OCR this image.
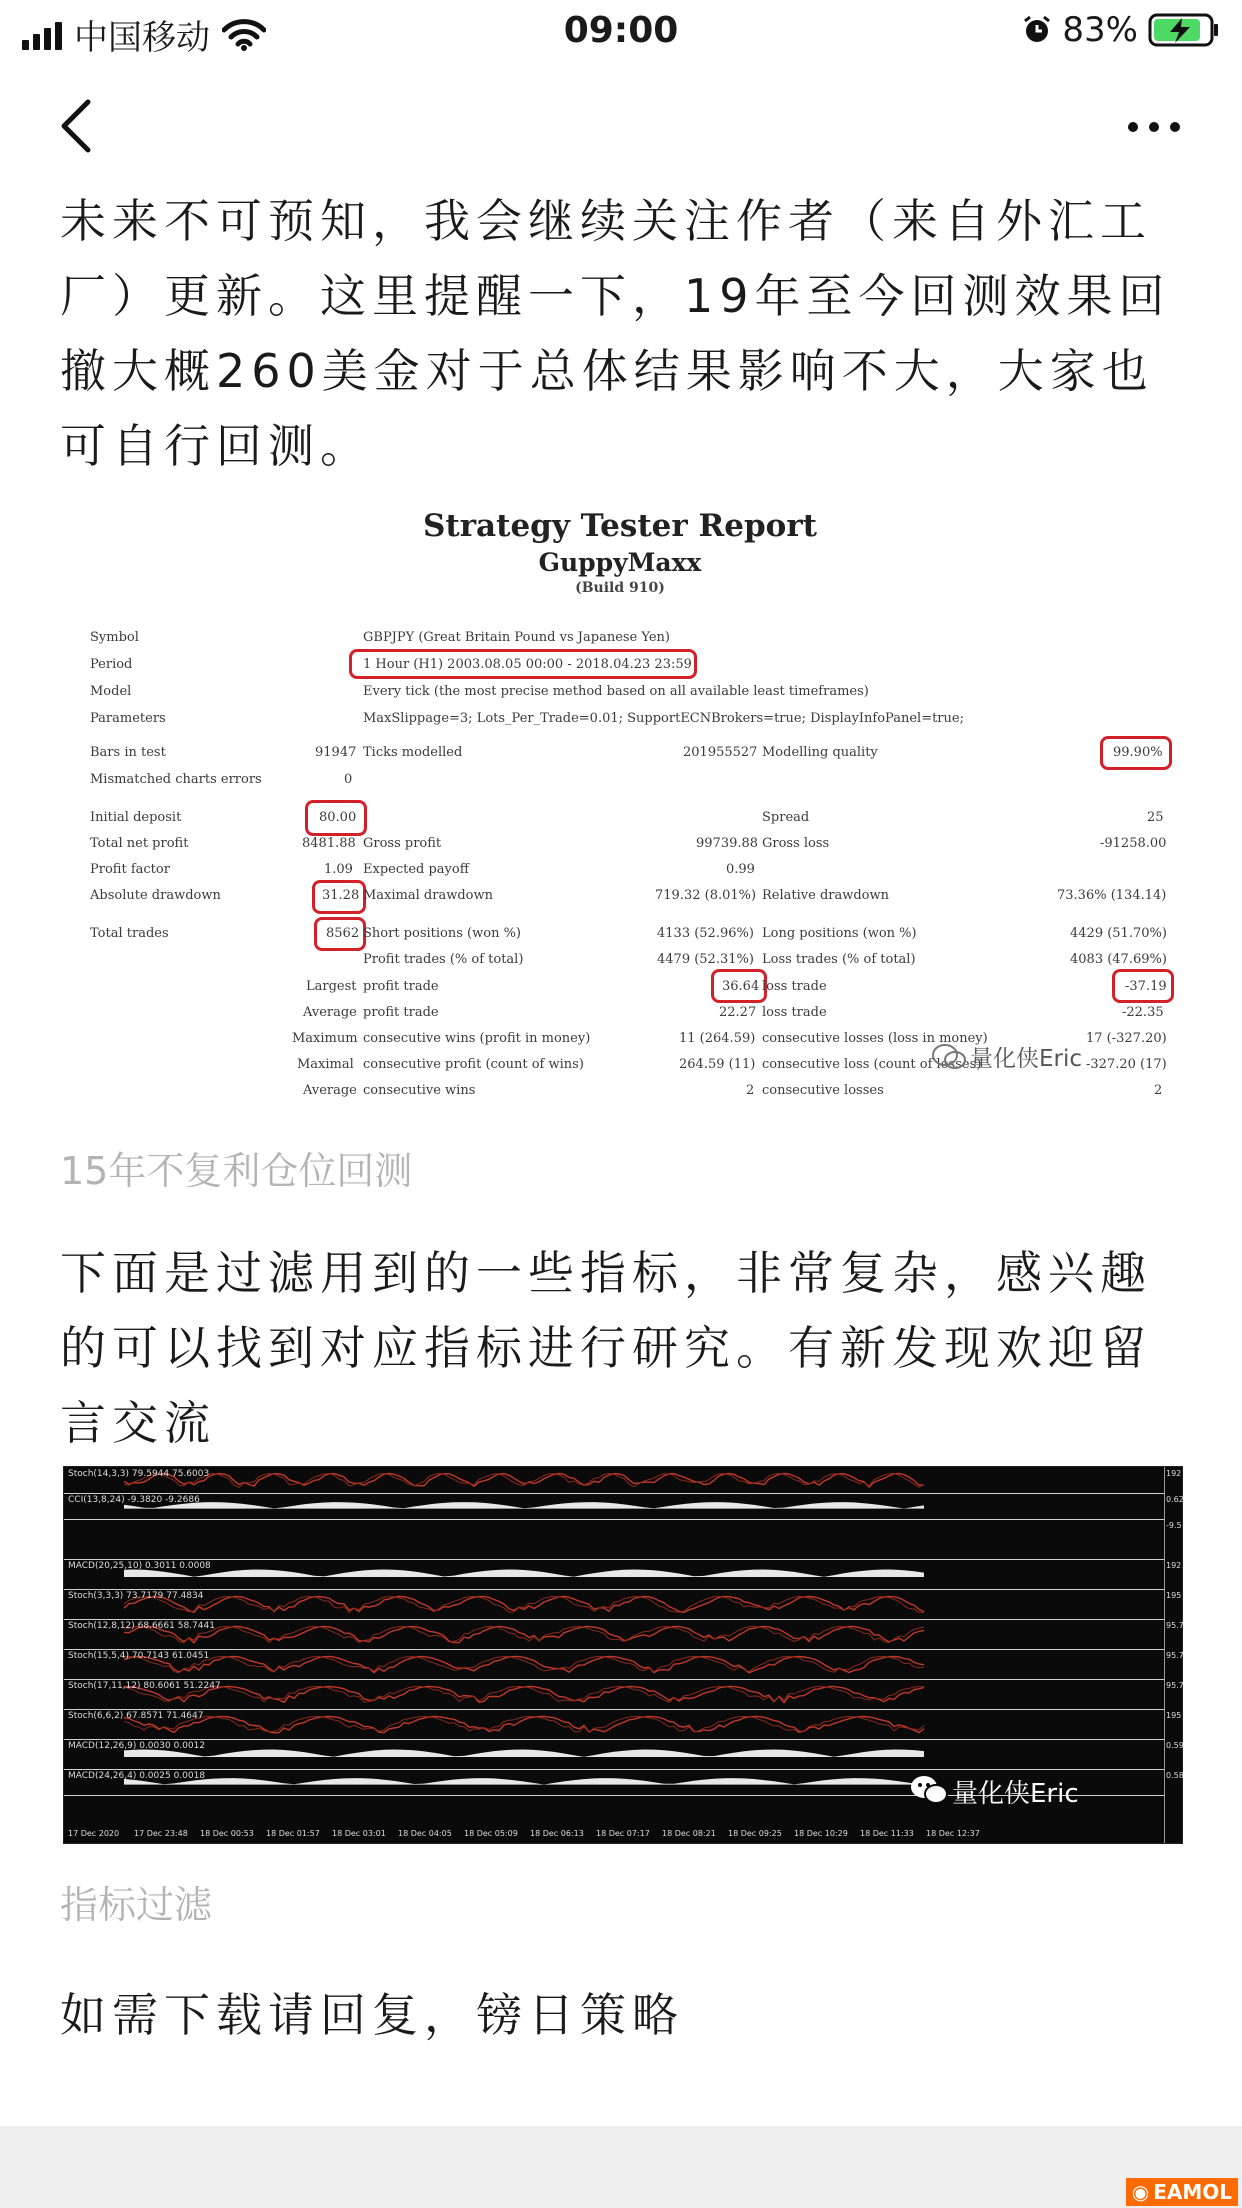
中国移动	09:00	83%

未来不可预知，我会继续关注作者（来自外汇工厂）更新。这里提醒一下，19年至今回测效果回撤大概260美金对于总体结果影响不大，大家也可自行回测。

Strategy Tester Report
GuppyMaxx
(Build 910)
Symbol	GBPJPY (Great Britain Pound vs Japanese Yen)
Period	1 Hour (H1) 2003.08.05 00:00 - 2018.04.23 23:59
Model	Every tick (the most precise method based on all available least timeframes)
Parameters	MaxSlippage=3; Lots_Per_Trade=0.01; SupportECNBrokers=true; DisplayInfoPanel=true;
Bars in test	91947 Ticks modelled	201955527 Modelling quality	99.90%
Mismatched charts errors	0
Initial deposit	80.00	Spread	25
Total net profit	8481.88 Gross profit	99739.88 Gross loss	-91258.00
Profit factor	1.09 Expected payoff	0.99
Absolute drawdown	31.28 Maximal drawdown	719.32 (8.01%) Relative drawdown	73.36% (134.14)
Total trades	8562 Short positions (won %)	4133 (52.96%) Long positions (won %)	4429 (51.70%)
Profit trades (% of total)	4479 (52.31%) Loss trades (% of total)	4083 (47.69%)
Largest profit trade	36.64 loss trade	-37.19
Average profit trade	22.27 loss trade	-22.35
Maximum consecutive wins (profit in money)	11 (264.59) consecutive losses (loss in money)	17 (-327.20)
Maximal consecutive profit (count of wins)	264.59 (11) consecutive loss (count of losses)	-327.20 (17)
Average consecutive wins	2 consecutive losses	2
量化侠Eric

15年不复利仓位回测

下面是过滤用到的一些指标，非常复杂，感兴趣的可以找到对应指标进行研究。有新发现欢迎留言交流

192
0.62
-9.5
192
195
95.7
95.7
95.7
195
0.59
0.58
17 Dec 2020 17 Dec 23:48 18 Dec 00:53 18 Dec 01:57 18 Dec 03:01 18 Dec 04:05 18 Dec 05:09 18 Dec 06:13 18 Dec 07:17 18 Dec 08:21 18 Dec 09:25 18 Dec 10:29 18 Dec 11:33 18 Dec 12:37
Stoch(14,3,3) 79.5944 75.6003
CCI(13,8,24) -9.3820 -9.2686
MACD(20,25,10) 0.3011 0.0008
Stoch(3,3,3) 73.7179 77.4834
Stoch(12,8,12) 68.6661 58.7441
Stoch(15,5,4) 70.7143 61.0451
Stoch(17,11,12) 80.6061 51.2247
Stoch(6,6,2) 67.8571 71.4647
MACD(12,26,9) 0.0030 0.0012
MACD(24,26,4) 0.0025 0.0018
量化侠Eric

指标过滤

如需下载请回复，镑日策略

◉ EAMOL
